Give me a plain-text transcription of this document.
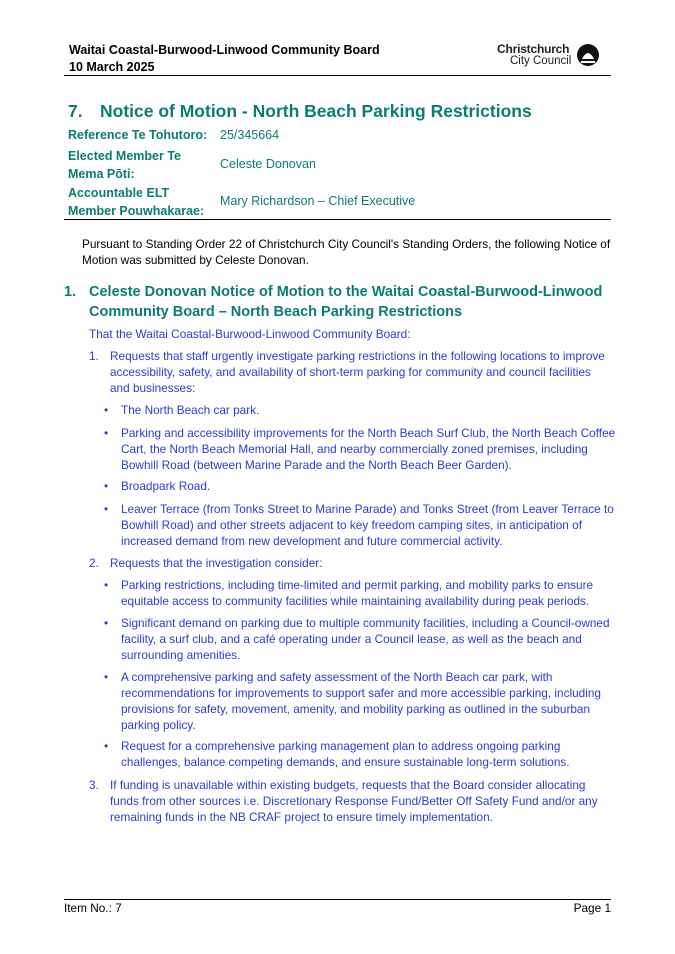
Waitai Coastal-Burwood-Linwood Community Board
10 March 2025
Christchurch
City Council
7. Notice of Motion - North Beach Parking Restrictions
Reference Te Tohutoro: 25/345664
Elected Member Te
Mema Pōti:
Celeste Donovan
Accountable ELT
Member Pouwhakarae:
Mary Richardson – Chief Executive
Pursuant to Standing Order 22 of Christchurch City Council's Standing Orders, the following Notice of Motion was submitted by Celeste Donovan.
1. Celeste Donovan Notice of Motion to the Waitai Coastal-Burwood-Linwood Community Board – North Beach Parking Restrictions
That the Waitai Coastal-Burwood-Linwood Community Board:
1. Requests that staff urgently investigate parking restrictions in the following locations to improve accessibility, safety, and availability of short-term parking for community and council facilities and businesses:
• The North Beach car park.
• Parking and accessibility improvements for the North Beach Surf Club, the North Beach Coffee Cart, the North Beach Memorial Hall, and nearby commercially zoned premises, including Bowhill Road (between Marine Parade and the North Beach Beer Garden).
• Broadpark Road.
• Leaver Terrace (from Tonks Street to Marine Parade) and Tonks Street (from Leaver Terrace to Bowhill Road) and other streets adjacent to key freedom camping sites, in anticipation of increased demand from new development and future commercial activity.
2. Requests that the investigation consider:
• Parking restrictions, including time-limited and permit parking, and mobility parks to ensure equitable access to community facilities while maintaining availability during peak periods.
• Significant demand on parking due to multiple community facilities, including a Council-owned facility, a surf club, and a café operating under a Council lease, as well as the beach and surrounding amenities.
• A comprehensive parking and safety assessment of the North Beach car park, with recommendations for improvements to support safer and more accessible parking, including provisions for safety, movement, amenity, and mobility parking as outlined in the suburban parking policy.
• Request for a comprehensive parking management plan to address ongoing parking challenges, balance competing demands, and ensure sustainable long-term solutions.
3. If funding is unavailable within existing budgets, requests that the Board consider allocating funds from other sources i.e. Discretionary Response Fund/Better Off Safety Fund and/or any remaining funds in the NB CRAF project to ensure timely implementation.
Item No.: 7	Page 1
